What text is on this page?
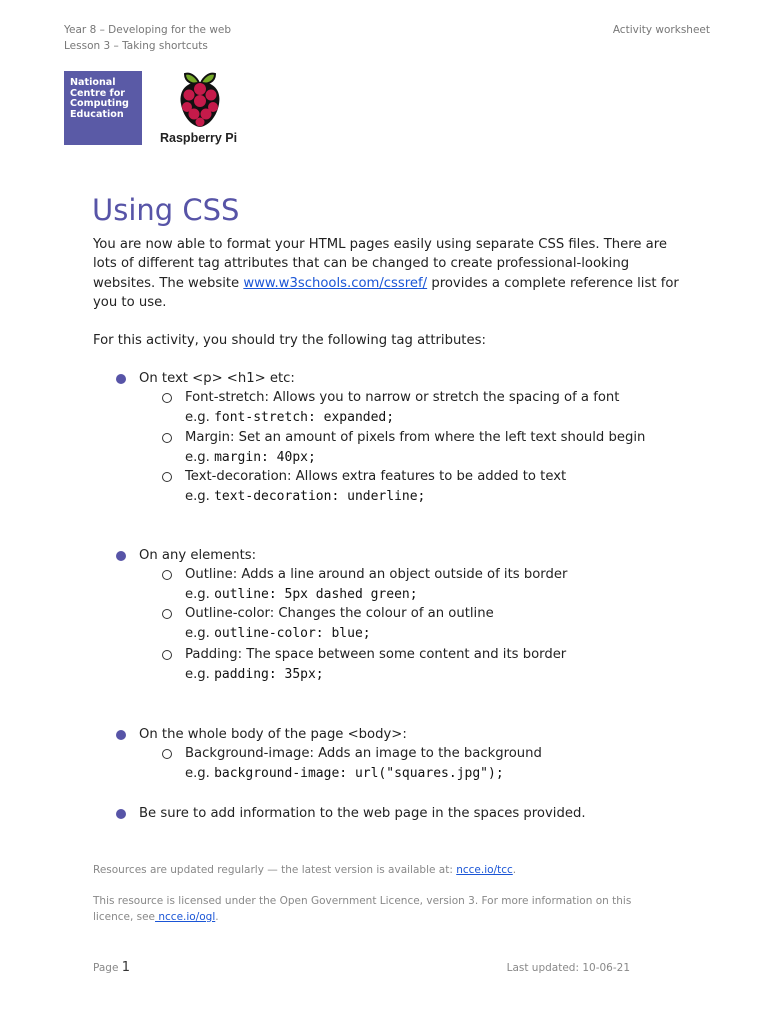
Year 8 – Developing for the web
Lesson 3 – Taking shortcuts
Activity worksheet
National
Centre for
Computing
Education
Raspberry Pi
Using CSS
You are now able to format your HTML pages easily using separate CSS files. There are lots of different tag attributes that can be changed to create professional-looking websites. The website www.w3schools.com/cssref/ provides a complete reference list for you to use.
For this activity, you should try the following tag attributes:
On text <p> <h1> etc:
Font-stretch: Allows you to narrow or stretch the spacing of a font
e.g. font-stretch: expanded;
Margin: Set an amount of pixels from where the left text should begin
e.g. margin: 40px;
Text-decoration: Allows extra features to be added to text
e.g. text-decoration: underline;
On any elements:
Outline: Adds a line around an object outside of its border
e.g. outline: 5px dashed green;
Outline-color: Changes the colour of an outline
e.g. outline-color: blue;
Padding: The space between some content and its border
e.g. padding: 35px;
On the whole body of the page <body>:
Background-image: Adds an image to the background
e.g. background-image: url("squares.jpg");
Be sure to add information to the web page in the spaces provided.
Resources are updated regularly — the latest version is available at: ncce.io/tcc.
This resource is licensed under the Open Government Licence, version 3. For more information on this licence, see ncce.io/ogl.
Page 1	Last updated: 10-06-21
